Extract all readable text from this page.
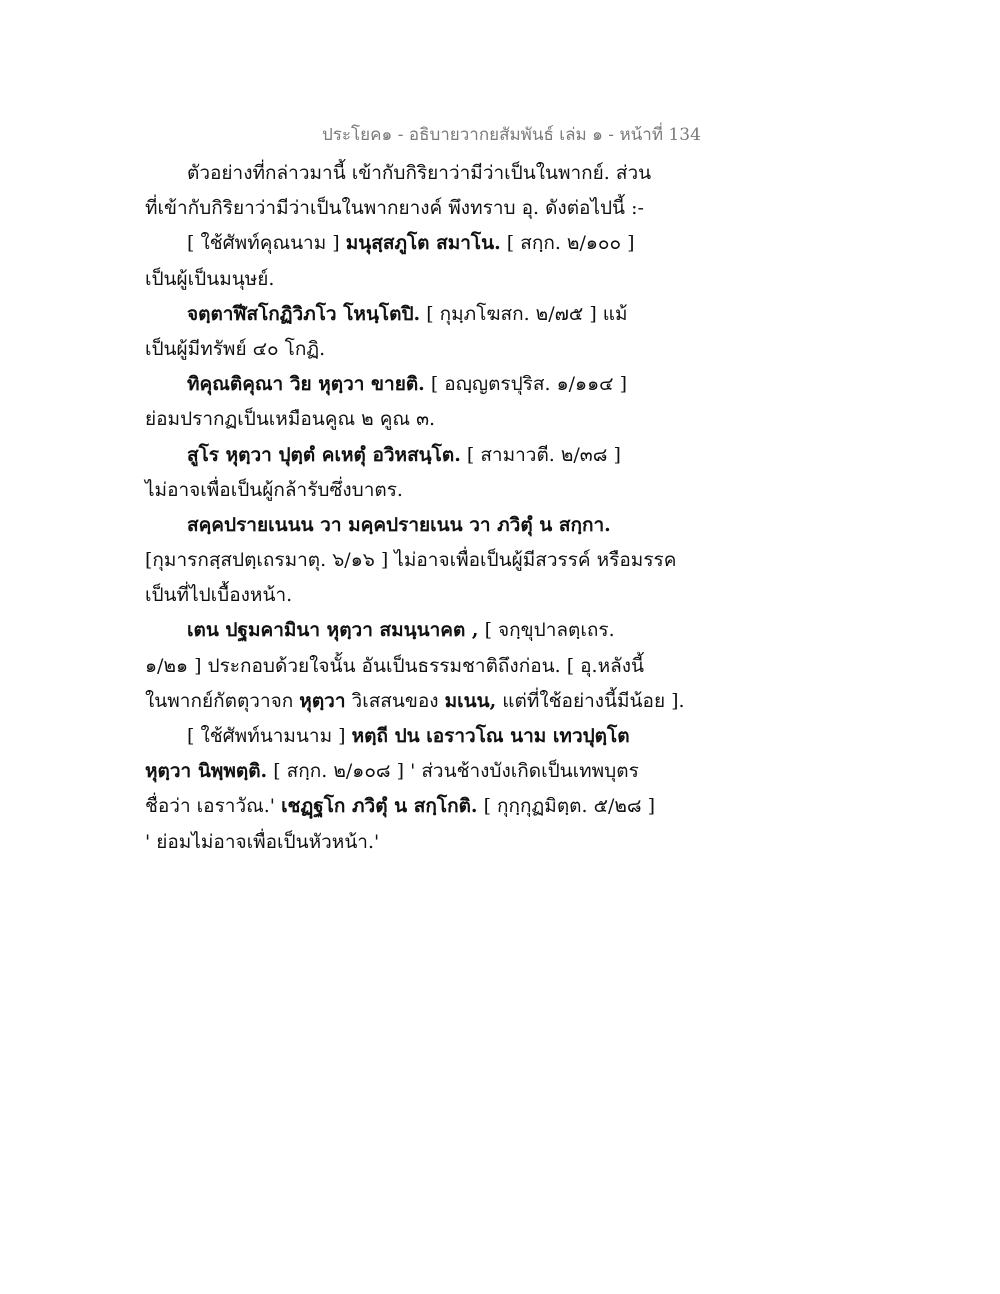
ประโยค๑ - อธิบายวากยสัมพันธ์ เล่ม ๑ - หน้าที่ 134
ตัวอย่างที่กล่าวมานี้ เข้ากับกิริยาว่ามีว่าเป็นในพากย์. ส่วน
ที่เข้ากับกิริยาว่ามีว่าเป็นในพากยางค์ พึงทราบ อุ. ดังต่อไปนี้ :-
[ ใช้ศัพท์คุณนาม ] มนุสฺสภูโต สมาโน. [ สกฺก. ๒/๑๐๐ ]
เป็นผู้เป็นมนุษย์.
จตฺตาฬีสโกฏิวิภโว โหนฺโตปิ. [ กุมฺภโฆสก. ๒/๗๕ ] แม้
เป็นผู้มีทรัพย์ ๔๐ โกฏิ.
ทิคุณติคุณา วิย หุตฺวา ขายติ. [ อญฺญตรปุริส. ๑/๑๑๔ ]
ย่อมปรากฏเป็นเหมือนคูณ ๒ คูณ ๓.
สูโร หุตฺวา ปุตฺตํ คเหตุํ อวิหสนฺโต. [ สามาวตี. ๒/๓๘ ]
ไม่อาจเพื่อเป็นผู้กล้ารับซึ่งบาตร.
สคฺคปรายเนนน วา มคฺคปรายเนน วา ภวิตุํ น สกฺกา.
[กุมารกสฺสปตฺเถรมาตุ. ๖/๑๖ ] ไม่อาจเพื่อเป็นผู้มีสวรรค์ หรือมรรค
เป็นที่ไปเบื้องหน้า.
เตน ปฐมคามินา หุตฺวา สมนฺนาคต , [ จกฺขุปาลตฺเถร.
๑/๒๑ ] ประกอบด้วยใจนั้น อันเป็นธรรมชาติถึงก่อน. [ อุ.หลังนี้
ในพากย์กัตตุวาจก หุตฺวา วิเสสนของ มเนน, แต่ที่ใช้อย่างนี้มีน้อย ].
[ ใช้ศัพท์นามนาม ] หตฺถี ปน เอราวโณ นาม เทวปุตฺโต
หุตฺวา นิพฺพตฺติ. [ สกฺก. ๒/๑๐๘ ] ' ส่วนช้างบังเกิดเป็นเทพบุตร
ชื่อว่า เอราวัณ.' เชฏฺฐโก ภวิตุํ น สกฺโกติ. [ กุกฺกุฏมิตฺต. ๕/๒๘ ]
' ย่อมไม่อาจเพื่อเป็นหัวหน้า.'
